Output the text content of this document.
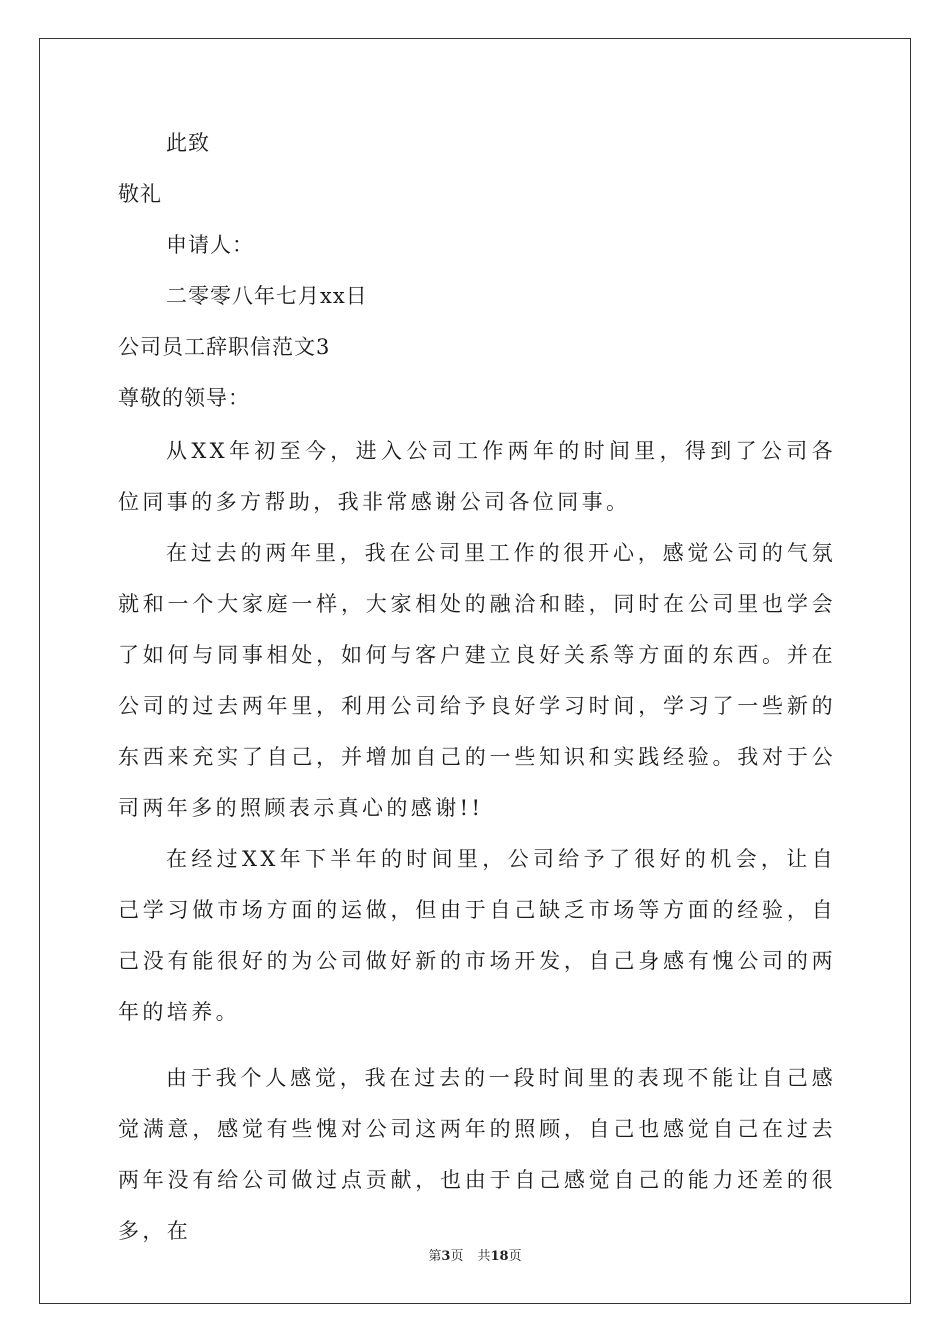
此致

敬礼

申请人：

二零零八年七月xx日

公司员工辞职信范文3

尊敬的领导：

从XX年初至今，进入公司工作两年的时间里，得到了公司各位同事的多方帮助，我非常感谢公司各位同事。

在过去的两年里，我在公司里工作的很开心，感觉公司的气氛就和一个大家庭一样，大家相处的融洽和睦，同时在公司里也学会了如何与同事相处，如何与客户建立良好关系等方面的东西。并在公司的过去两年里，利用公司给予良好学习时间，学习了一些新的东西来充实了自己，并增加自己的一些知识和实践经验。我对于公司两年多的照顾表示真心的感谢!!

在经过XX年下半年的时间里，公司给予了很好的机会，让自己学习做市场方面的运做，但由于自己缺乏市场等方面的经验，自己没有能很好的为公司做好新的市场开发，自己身感有愧公司的两年的培养。

由于我个人感觉，我在过去的一段时间里的表现不能让自己感觉满意，感觉有些愧对公司这两年的照顾，自己也感觉自己在过去两年没有给公司做过点贡献，也由于自己感觉自己的能力还差的很多，在

第3页 共18页
